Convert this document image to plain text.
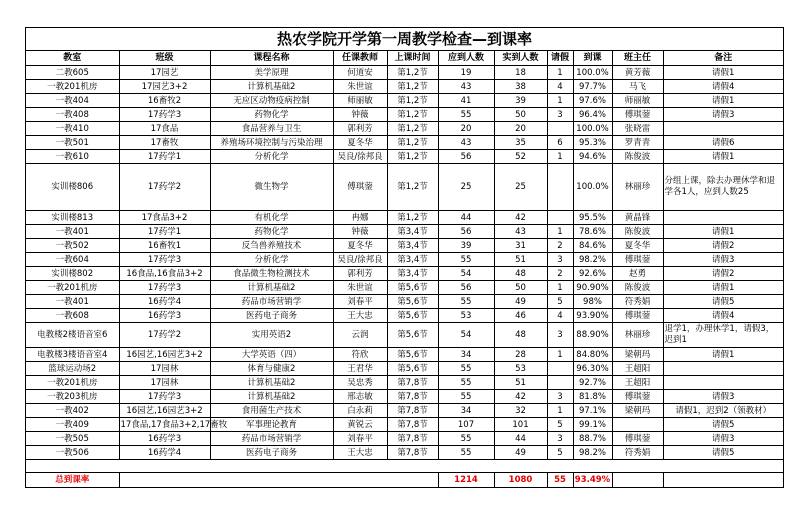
热农学院开学第一周教学检查—到课率
教室	班级	课程名称	任课教师	上课时间	应到人数	实到人数	请假	到课	班主任	备注
二教605	17园艺	美学原理	何道安	第1,2节	19	18	1	100.0%	黄芳薇	请假1
一教201机房	17园艺3+2	计算机基础2	朱世谊	第1,2节	43	38	4	97.7%	马飞	请假4
一教404	16畜牧2	无应区动物疫病控制	师丽敏	第1,2节	41	39	1	97.6%	师丽敏	请假1
一教408	17药学3	药物化学	钟薇	第1,2节	55	50	3	96.4%	傅琪蓥	请假3
一教410	17食品	食品营养与卫生	郭利芳	第1,2节	20	20		100.0%	张晓雷	
一教501	17畜牧	养殖场环境控制与污染治理	夏冬华	第1,2节	43	35	6	95.3%	罗青青	请假6
一教610	17药学1	分析化学	吴良/徐邦良	第1,2节	56	52	1	94.6%	陈俊波	请假1
实训楼806	17药学2	微生物学	傅琪蓥	第1,2节	25	25		100.0%	林丽珍	分组上课，除去办理休学和退学各1人，应到人数25
实训楼813	17食品3+2	有机化学	冉娜	第1,2节	44	42		95.5%	黄晶锋	
一教401	17药学1	药物化学	钟薇	第3,4节	56	43	1	78.6%	陈俊波	请假1
一教502	16畜牧1	反刍兽养殖技术	夏冬华	第3,4节	39	31	2	84.6%	夏冬华	请假2
一教604	17药学3	分析化学	吴良/徐邦良	第3,4节	55	51	3	98.2%	傅琪蓥	请假3
实训楼802	16食品,16食品3+2	食品微生物检测技术	郭利芳	第3,4节	54	48	2	92.6%	赵勇	请假2
一教201机房	17药学3	计算机基础2	朱世谊	第5,6节	56	50	1	90.90%	陈俊波	请假1
一教401	16药学4	药品市场营销学	刘春平	第5,6节	55	49	5	98%	符秀娟	请假5
一教608	16药学3	医药电子商务	王大忠	第5,6节	53	46	4	93.90%	傅琪蓥	请假4
电教楼2楼语音室6	17药学2	实用英语2	云润	第5,6节	54	48	3	88.90%	林丽珍	退学1，办理休学1，请假3，迟到1
电教楼3楼语音室4	16园艺,16园艺3+2	大学英语（四）	符欣	第5,6节	34	28	1	84.80%	梁朝玛	请假1
篮球运动场2	17园林	体育与健康2	王君华	第5,6节	55	53		96.30%	王超阳	
一教201机房	17园林	计算机基础2	吴忠秀	第7,8节	55	51		92.7%	王超阳	
一教203机房	17药学3	计算机基础2	邢志敏	第7,8节	55	42	3	81.8%	傅琪蓥	请假3
一教402	16园艺,16园艺3+2	食用菌生产技术	白永莉	第7,8节	34	32	1	97.1%	梁朝玛	请假1，迟到2（领教材）
一教409	17食品,17食品3+2,17畜牧	军事理论教育	黄锐云	第7,8节	107	101	5	99.1%		请假5
一教505	16药学3	药品市场营销学	刘春平	第7,8节	55	44	3	88.7%	傅琪蓥	请假3
一教506	16药学4	医药电子商务	王大忠	第7,8节	55	49	5	98.2%	符秀娟	请假5

总到课率					1214	1080	55	93.49%		
